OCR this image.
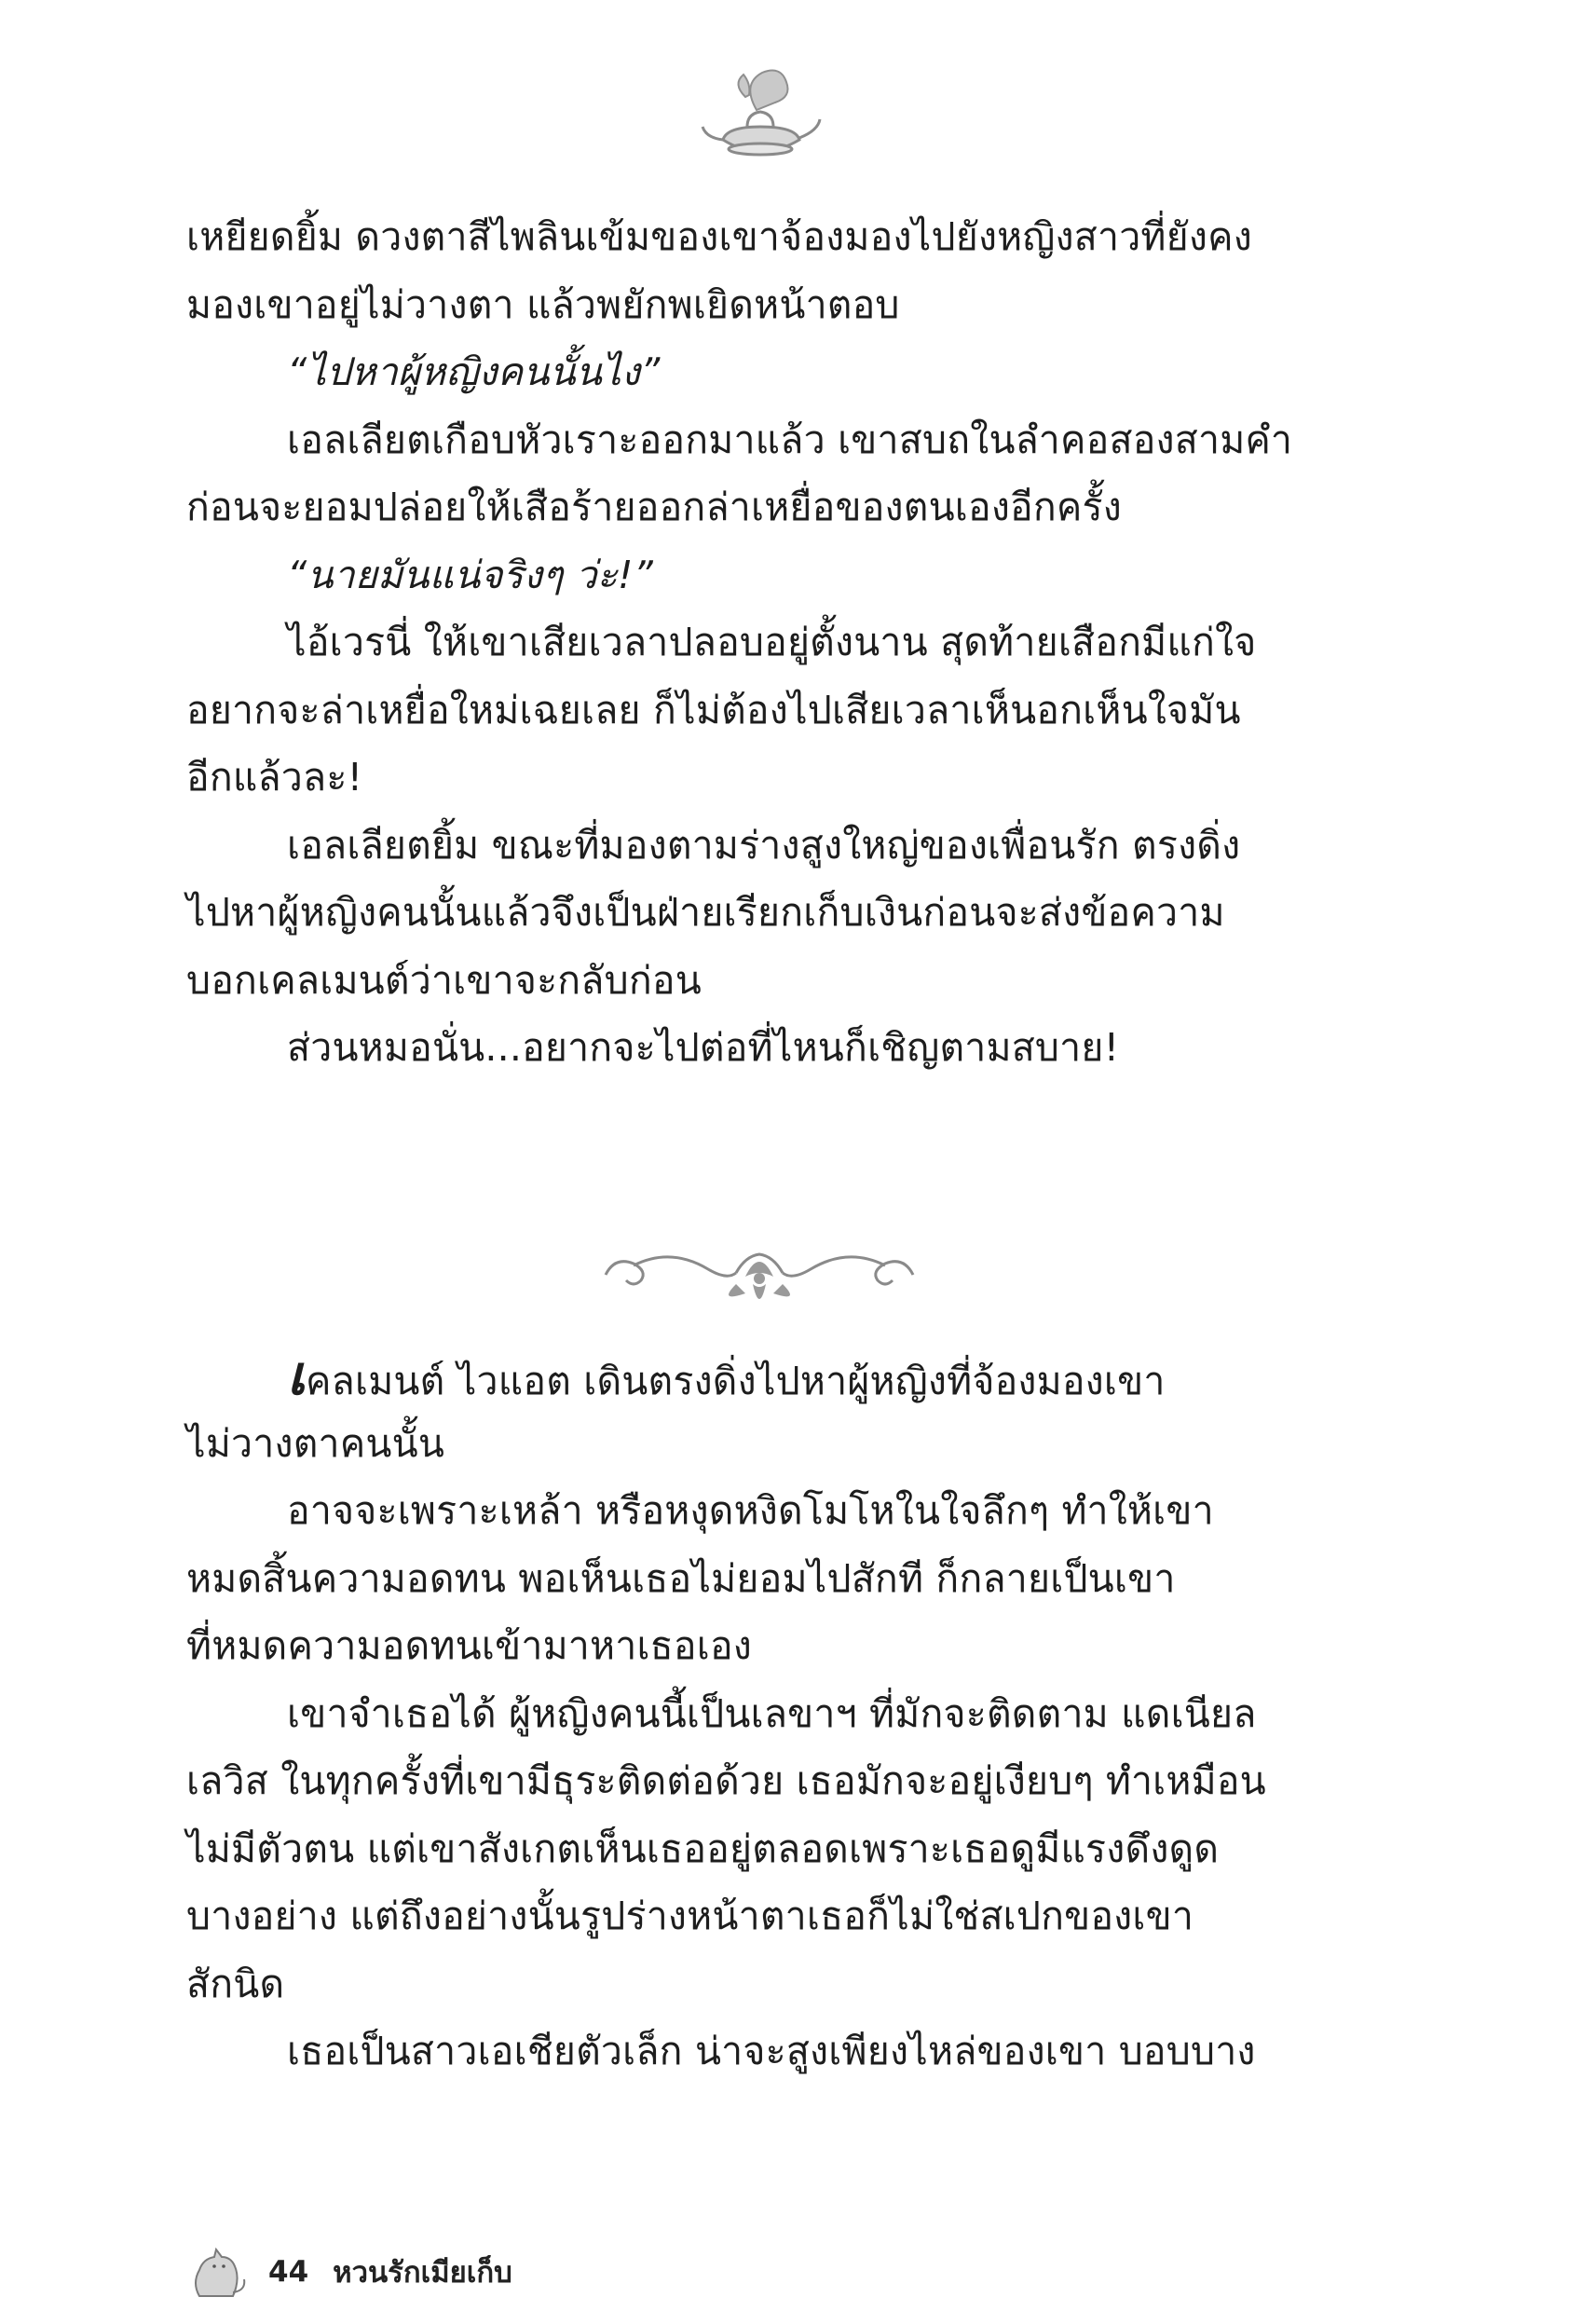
เหยียดยิ้ม ดวงตาสีไพลินเข้มของเขาจ้องมองไปยังหญิงสาวที่ยังคง
มองเขาอยู่ไม่วางตา แล้วพยักพเยิดหน้าตอบ
“ไปหาผู้หญิงคนนั้นไง”
เอลเลียตเกือบหัวเราะออกมาแล้ว เขาสบถในลำคอสองสามคำ
ก่อนจะยอมปล่อยให้เสือร้ายออกล่าเหยื่อของตนเองอีกครั้ง
“นายมันแน่จริงๆ ว่ะ!”
ไอ้เวรนี่ ให้เขาเสียเวลาปลอบอยู่ตั้งนาน สุดท้ายเสือกมีแก่ใจ
อยากจะล่าเหยื่อใหม่เฉยเลย ก็ไม่ต้องไปเสียเวลาเห็นอกเห็นใจมัน
อีกแล้วละ!
เอลเลียตยิ้ม ขณะที่มองตามร่างสูงใหญ่ของเพื่อนรัก ตรงดิ่ง
ไปหาผู้หญิงคนนั้นแล้วจึงเป็นฝ่ายเรียกเก็บเงินก่อนจะส่งข้อความ
บอกเคลเมนต์ว่าเขาจะกลับก่อน
ส่วนหมอนั่น...อยากจะไปต่อที่ไหนก็เชิญตามสบาย!
เคลเมนต์ ไวแอต เดินตรงดิ่งไปหาผู้หญิงที่จ้องมองเขา
ไม่วางตาคนนั้น
อาจจะเพราะเหล้า หรือหงุดหงิดโมโหในใจลึกๆ ทำให้เขา
หมดสิ้นความอดทน พอเห็นเธอไม่ยอมไปสักที ก็กลายเป็นเขา
ที่หมดความอดทนเข้ามาหาเธอเอง
เขาจำเธอได้ ผู้หญิงคนนี้เป็นเลขาฯ ที่มักจะติดตาม แดเนียล
เลวิส ในทุกครั้งที่เขามีธุระติดต่อด้วย เธอมักจะอยู่เงียบๆ ทำเหมือน
ไม่มีตัวตน แต่เขาสังเกตเห็นเธออยู่ตลอดเพราะเธอดูมีแรงดึงดูด
บางอย่าง แต่ถึงอย่างนั้นรูปร่างหน้าตาเธอก็ไม่ใช่สเปกของเขา
สักนิด
เธอเป็นสาวเอเชียตัวเล็ก น่าจะสูงเพียงไหล่ของเขา บอบบาง
44 หวนรักเมียเก็บ
